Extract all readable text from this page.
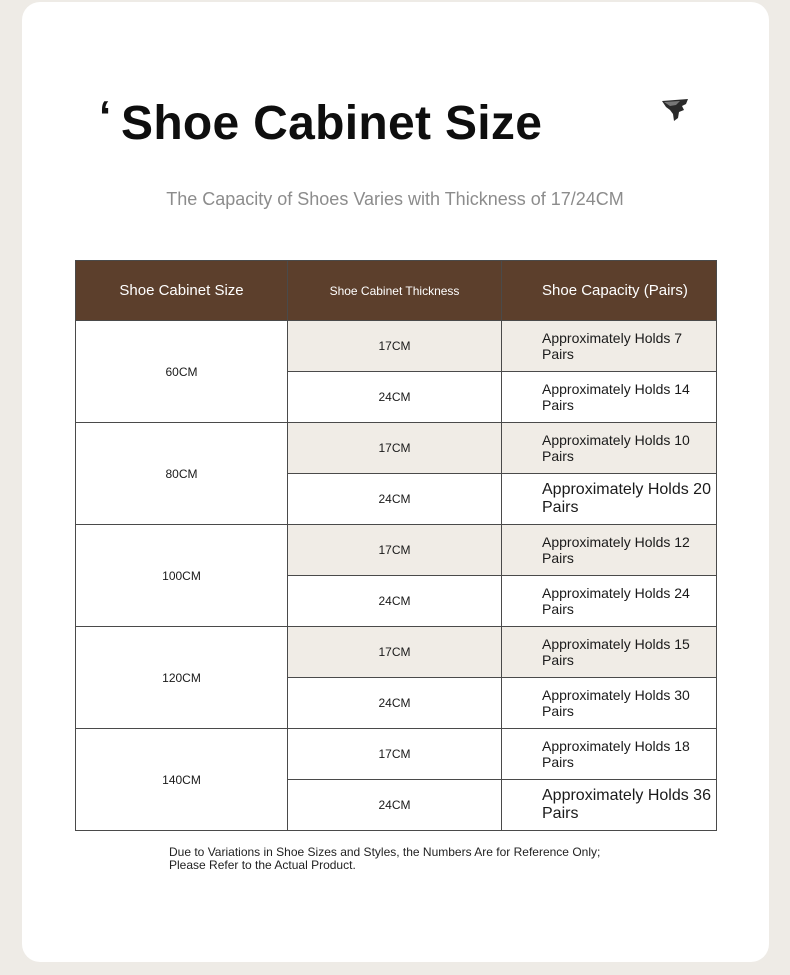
‘ Shoe Cabinet Size
The Capacity of Shoes Varies with Thickness of 17/24CM
Shoe Cabinet Size	Shoe Cabinet Thickness	Shoe Capacity (Pairs)
60CM	17CM	Approximately Holds 7 Pairs
	24CM	Approximately Holds 14 Pairs
80CM	17CM	Approximately Holds 10 Pairs
	24CM	Approximately Holds 20 Pairs
100CM	17CM	Approximately Holds 12 Pairs
	24CM	Approximately Holds 24 Pairs
120CM	17CM	Approximately Holds 15 Pairs
	24CM	Approximately Holds 30 Pairs
140CM	17CM	Approximately Holds 18 Pairs
	24CM	Approximately Holds 36 Pairs
Due to Variations in Shoe Sizes and Styles, the Numbers Are for Reference Only;
Please Refer to the Actual Product.
